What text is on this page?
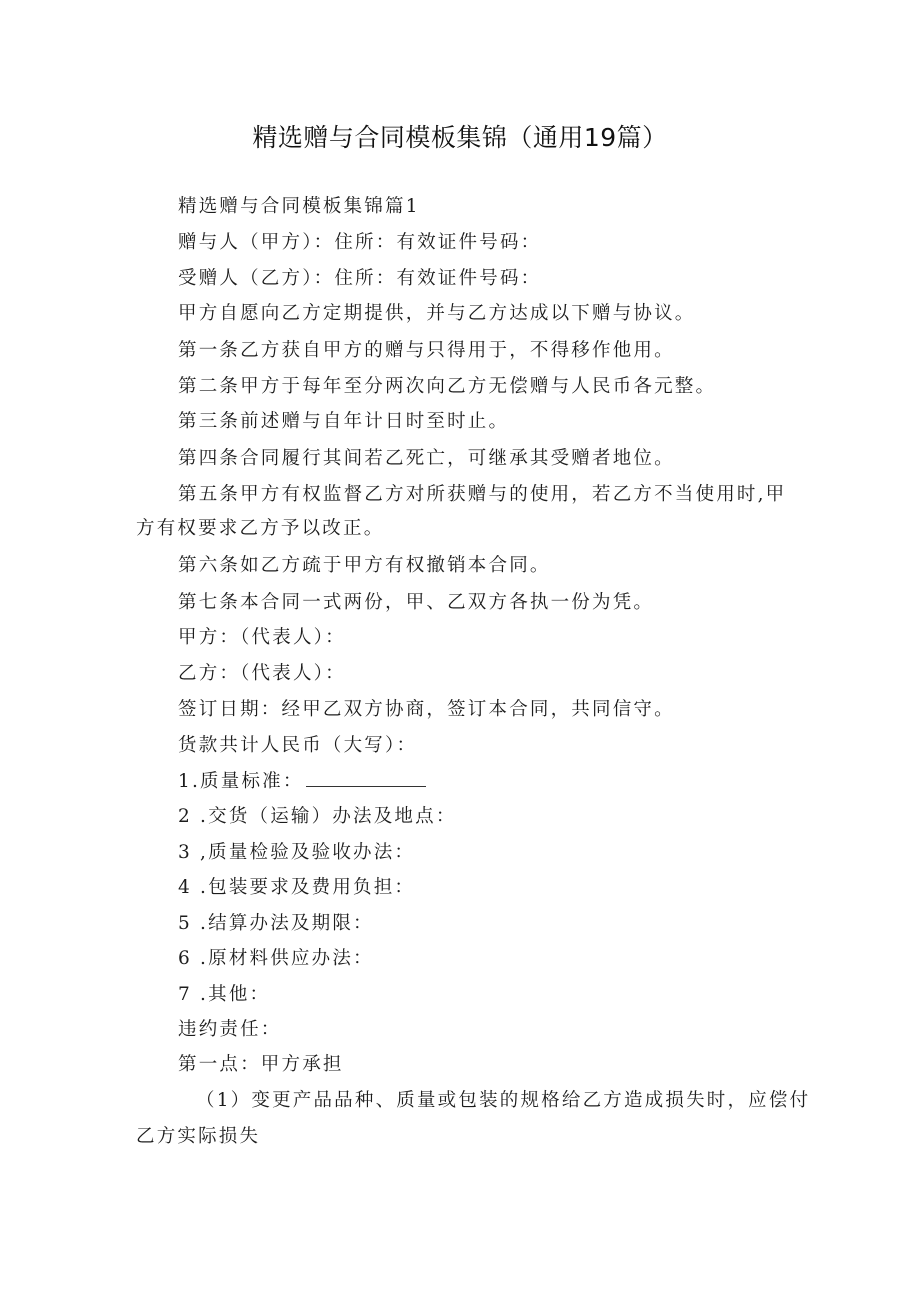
精选赠与合同模板集锦（通用19篇）
精选赠与合同模板集锦篇1
赠与人（甲方）：住所：有效证件号码：
受赠人（乙方）：住所：有效证件号码：
甲方自愿向乙方定期提供，并与乙方达成以下赠与协议。
第一条乙方获自甲方的赠与只得用于，不得移作他用。
第二条甲方于每年至分两次向乙方无偿赠与人民币各元整。
第三条前述赠与自年计日时至时止。
第四条合同履行其间若乙死亡，可继承其受赠者地位。
第五条甲方有权监督乙方对所获赠与的使用，若乙方不当使用时,甲
方有权要求乙方予以改正。
第六条如乙方疏于甲方有权撤销本合同。
第七条本合同一式两份，甲、乙双方各执一份为凭。
甲方：（代表人）：
乙方：（代表人）：
签订日期：经甲乙双方协商，签订本合同，共同信守。
货款共计人民币（大写）：
1.质量标准：
2 .交货（运输）办法及地点：
3 ,质量检验及验收办法：
4 .包装要求及费用负担：
5 .结算办法及期限：
6 .原材料供应办法：
7 .其他：
违约责任：
第一点：甲方承担
（1）变更产品品种、质量或包装的规格给乙方造成损失时，应偿付
乙方实际损失
